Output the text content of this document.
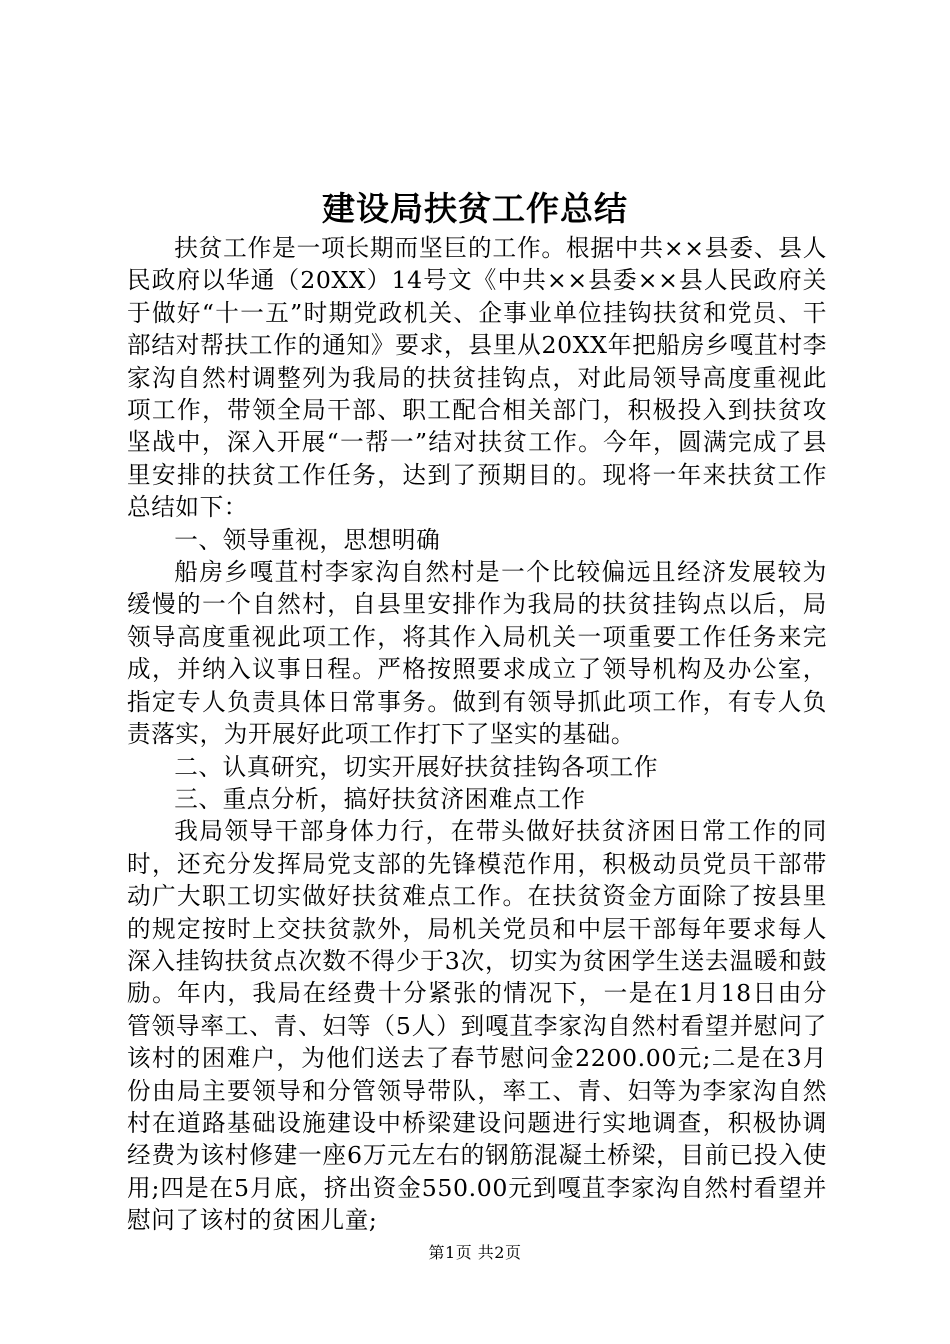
建设局扶贫工作总结

扶贫工作是一项长期而坚巨的工作。根据中共××县委、县人民政府以华通（20XX）14号文《中共××县委××县人民政府关于做好“十一五”时期党政机关、企事业单位挂钩扶贫和党员、干部结对帮扶工作的通知》要求，县里从20XX年把船房乡嘎苴村李家沟自然村调整列为我局的扶贫挂钩点，对此局领导高度重视此项工作，带领全局干部、职工配合相关部门，积极投入到扶贫攻坚战中，深入开展“一帮一”结对扶贫工作。今年，圆满完成了县里安排的扶贫工作任务，达到了预期目的。现将一年来扶贫工作总结如下：

一、领导重视，思想明确

船房乡嘎苴村李家沟自然村是一个比较偏远且经济发展较为缓慢的一个自然村，自县里安排作为我局的扶贫挂钩点以后，局领导高度重视此项工作，将其作入局机关一项重要工作任务来完成，并纳入议事日程。严格按照要求成立了领导机构及办公室，指定专人负责具体日常事务。做到有领导抓此项工作，有专人负责落实，为开展好此项工作打下了坚实的基础。

二、认真研究，切实开展好扶贫挂钩各项工作

三、重点分析，搞好扶贫济困难点工作

我局领导干部身体力行，在带头做好扶贫济困日常工作的同时，还充分发挥局党支部的先锋模范作用，积极动员党员干部带动广大职工切实做好扶贫难点工作。在扶贫资金方面除了按县里的规定按时上交扶贫款外，局机关党员和中层干部每年要求每人深入挂钩扶贫点次数不得少于3次，切实为贫困学生送去温暖和鼓励。年内，我局在经费十分紧张的情况下，一是在1月18日由分管领导率工、青、妇等（5人）到嘎苴李家沟自然村看望并慰问了该村的困难户，为他们送去了春节慰问金2200.00元;二是在3月份由局主要领导和分管领导带队，率工、青、妇等为李家沟自然村在道路基础设施建设中桥梁建设问题进行实地调查，积极协调经费为该村修建一座6万元左右的钢筋混凝土桥梁，目前已投入使用;四是在5月底，挤出资金550.00元到嘎苴李家沟自然村看望并慰问了该村的贫困儿童;

第1页 共2页
